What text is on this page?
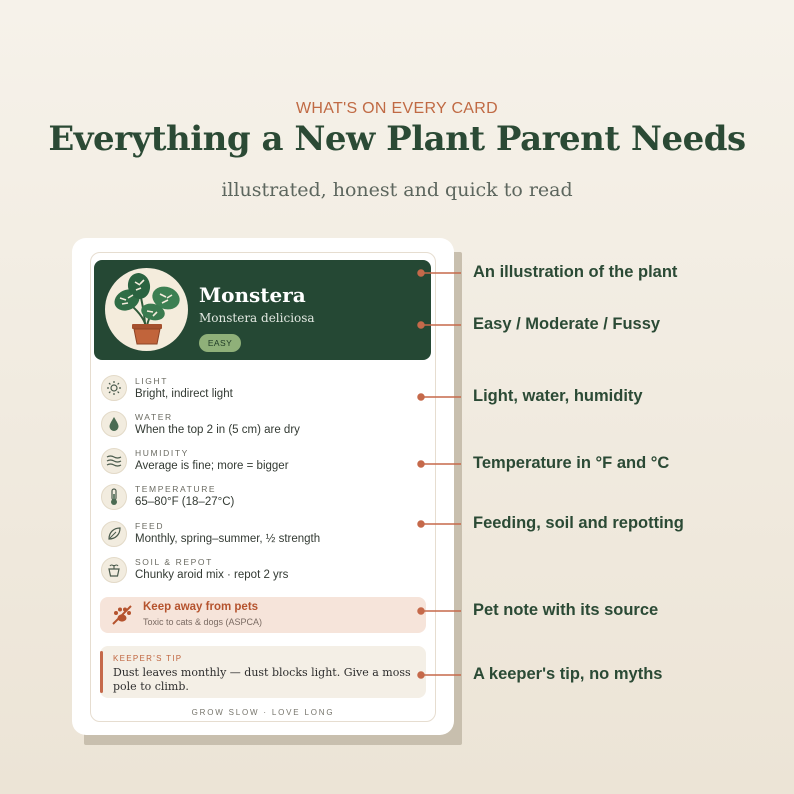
WHAT'S ON EVERY CARD
Everything a New Plant Parent Needs
illustrated, honest and quick to read
Monstera
Monstera deliciosa
EASY
LIGHT
Bright, indirect light
WATER
When the top 2 in (5 cm) are dry
HUMIDITY
Average is fine; more = bigger
TEMPERATURE
65–80°F (18–27°C)
FEED
Monthly, spring–summer, ½ strength
SOIL & REPOT
Chunky aroid mix · repot 2 yrs
Keep away from pets
Toxic to cats & dogs (ASPCA)
KEEPER'S TIP
Dust leaves monthly — dust blocks light. Give a moss pole to climb.
GROW SLOW · LOVE LONG
An illustration of the plant
Easy / Moderate / Fussy
Light, water, humidity
Temperature in °F and °C
Feeding, soil and repotting
Pet note with its source
A keeper's tip, no myths
